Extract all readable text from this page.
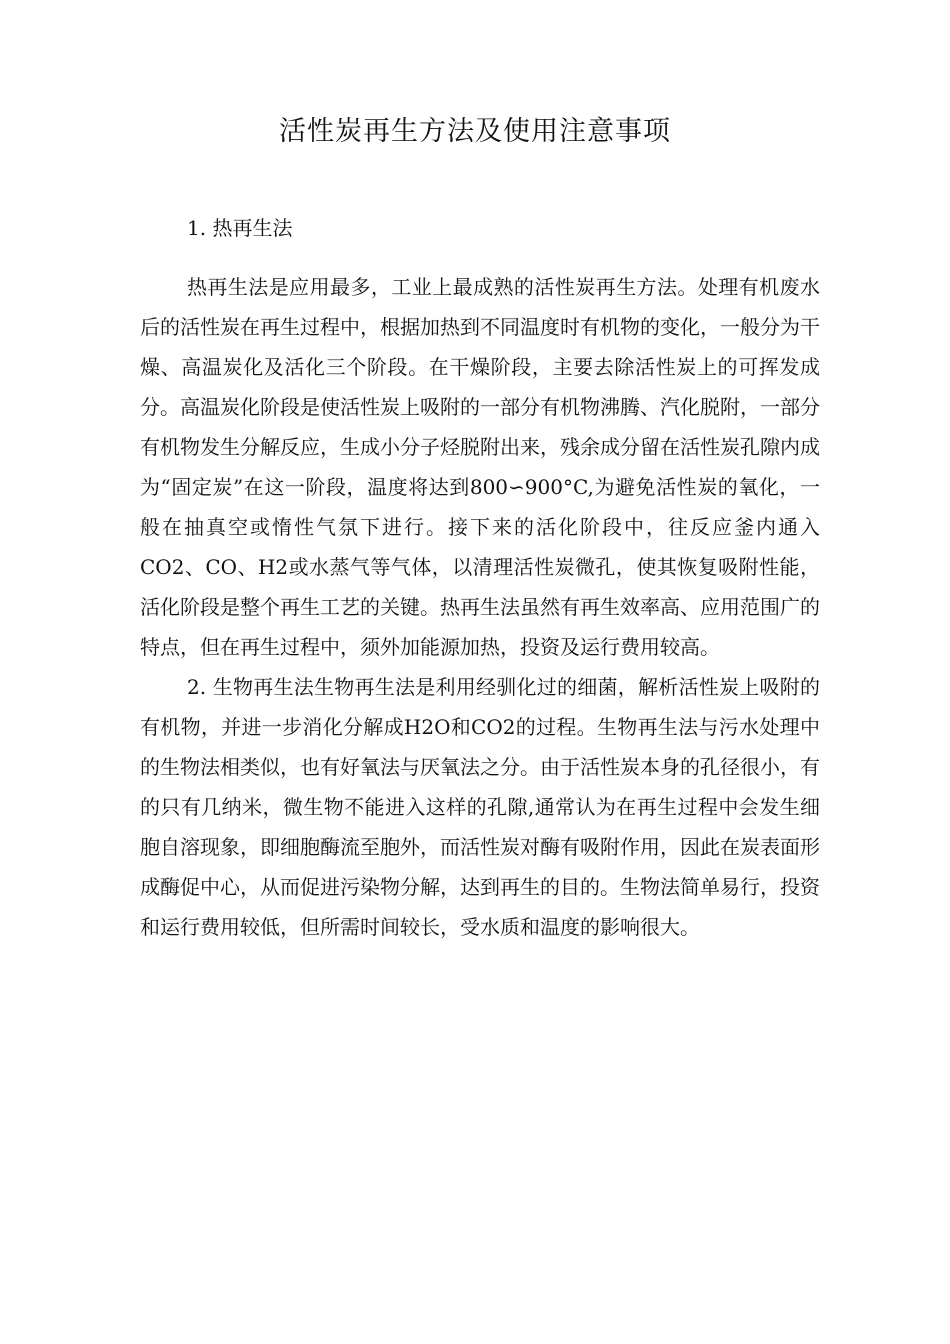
活性炭再生方法及使用注意事项

1. 热再生法

热再生法是应用最多，工业上最成熟的活性炭再生方法。处理有机废水后的活性炭在再生过程中，根据加热到不同温度时有机物的变化，一般分为干燥、高温炭化及活化三个阶段。在干燥阶段，主要去除活性炭上的可挥发成分。高温炭化阶段是使活性炭上吸附的一部分有机物沸腾、汽化脱附，一部分有机物发生分解反应，生成小分子烃脱附出来，残余成分留在活性炭孔隙内成为“固定炭”在这一阶段，温度将达到800∽900°C,为避免活性炭的氧化，一般在抽真空或惰性气氛下进行。接下来的活化阶段中，往反应釜内通入CO2、CO、H2或水蒸气等气体，以清理活性炭微孔，使其恢复吸附性能，活化阶段是整个再生工艺的关键。热再生法虽然有再生效率高、应用范围广的特点，但在再生过程中，须外加能源加热，投资及运行费用较高。

2. 生物再生法生物再生法是利用经驯化过的细菌，解析活性炭上吸附的有机物，并进一步消化分解成H2O和CO2的过程。生物再生法与污水处理中的生物法相类似，也有好氧法与厌氧法之分。由于活性炭本身的孔径很小，有的只有几纳米，微生物不能进入这样的孔隙,通常认为在再生过程中会发生细胞自溶现象，即细胞酶流至胞外，而活性炭对酶有吸附作用，因此在炭表面形成酶促中心，从而促进污染物分解，达到再生的目的。生物法简单易行，投资和运行费用较低，但所需时间较长，受水质和温度的影响很大。
